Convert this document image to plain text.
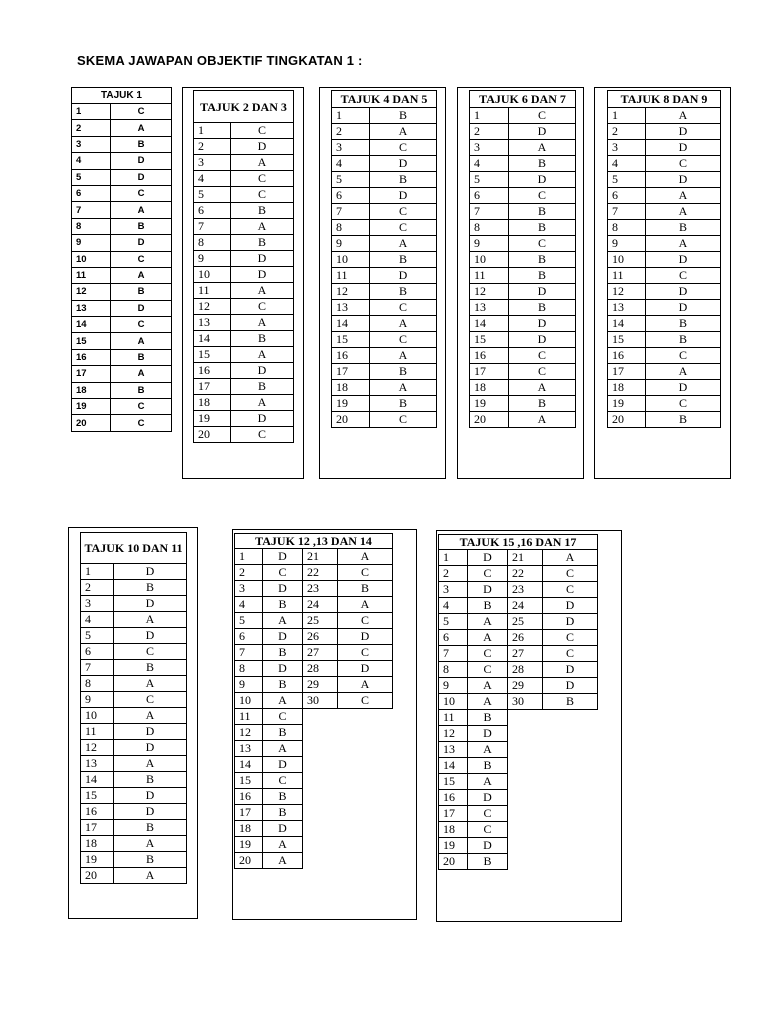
SKEMA JAWAPAN OBJEKTIF TINGKATAN 1 :
TAJUK 1	
1	C
2	A
3	B
4	D
5	D
6	C
7	A
8	B
9	D
10	C
11	A
12	B
13	D
14	C
15	A
16	B
17	A
18	B
19	C
20	C
TAJUK 2 DAN 3	
1	C
2	D
3	A
4	C
5	C
6	B
7	A
8	B
9	D
10	D
11	A
12	C
13	A
14	B
15	A
16	D
17	B
18	A
19	D
20	C
TAJUK 4 DAN 5	
1	B
2	A
3	C
4	D
5	B
6	D
7	C
8	C
9	A
10	B
11	D
12	B
13	C
14	A
15	C
16	A
17	B
18	A
19	B
20	C
TAJUK 6 DAN 7	
1	C
2	D
3	A
4	B
5	D
6	C
7	B
8	B
9	C
10	B
11	B
12	D
13	B
14	D
15	D
16	C
17	C
18	A
19	B
20	A
TAJUK 8 DAN 9	
1	A
2	D
3	D
4	C
5	D
6	A
7	A
8	B
9	A
10	D
11	C
12	D
13	D
14	B
15	B
16	C
17	A
18	D
19	C
20	B
TAJUK 10 DAN 11	
1	D
2	B
3	D
4	A
5	D
6	C
7	B
8	A
9	C
10	A
11	D
12	D
13	A
14	B
15	D
16	D
17	B
18	A
19	B
20	A
TAJUK 12 ,13 DAN 14			
1	D	21	A
2	C	22	C
3	D	23	B
4	B	24	A
5	A	25	C
6	D	26	D
7	B	27	C
8	D	28	D
9	B	29	A
10	A	30	C
11	C		
12	B		
13	A		
14	D		
15	C		
16	B		
17	B		
18	D		
19	A		
20	A		
TAJUK 15 ,16 DAN 17			
1	D	21	A
2	C	22	C
3	D	23	C
4	B	24	D
5	A	25	D
6	A	26	C
7	C	27	C
8	C	28	D
9	A	29	D
10	A	30	B
11	B		
12	D		
13	A		
14	B		
15	A		
16	D		
17	C		
18	C		
19	D		
20	B		
